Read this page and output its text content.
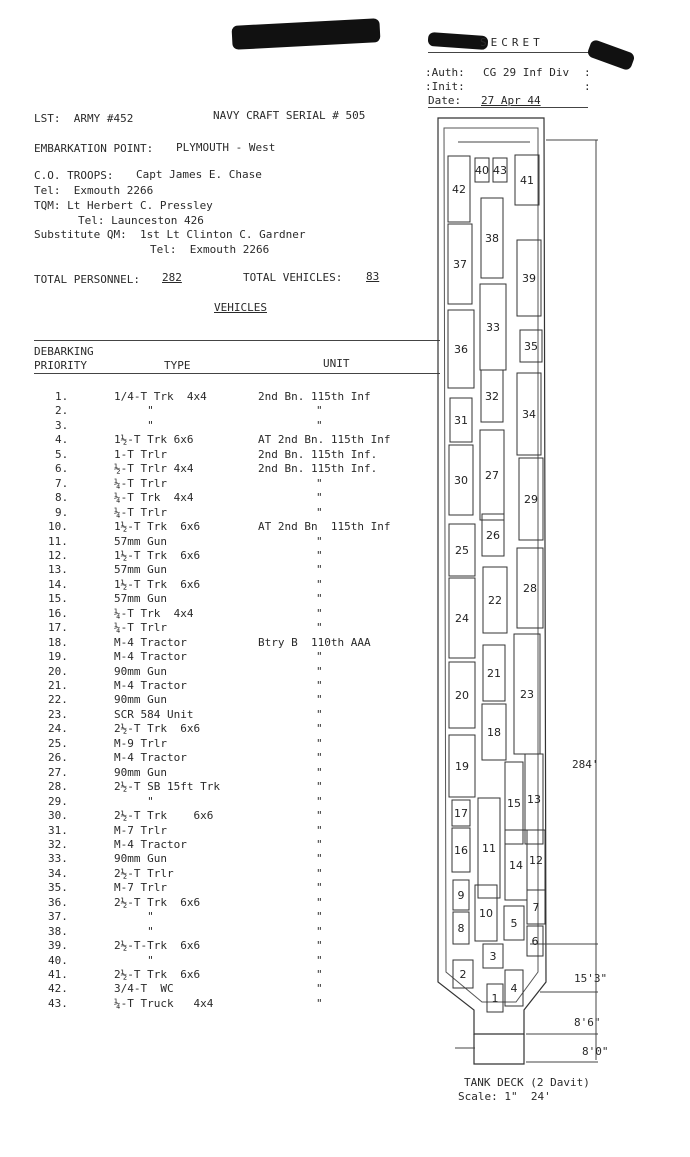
SECRET
:Auth: CG 29 Inf Div :
:Init:	:
Date: 27 Apr 44
LST:  ARMY #452	NAVY CRAFT SERIAL # 505
EMBARKATION POINT: PLYMOUTH - West
C.O. TROOPS: Capt James E. Chase
Tel:  Exmouth 2266
TQM: Lt Herbert C. Pressley
Tel: Launceston 426
Substitute QM:  1st Lt Clinton C. Gardner
Tel:  Exmouth 2266
TOTAL PERSONNEL: 282	TOTAL VEHICLES: 83
VEHICLES
DEBARKING
PRIORITY	TYPE	UNIT
1.	1/4-T Trk  4x4	2nd Bn. 115th Inf
2.	"	"
3.	"	"
4.	1½-T Trk 6x6	AT 2nd Bn. 115th Inf
5.	1-T Trlr	2nd Bn. 115th Inf.
6.	½-T Trlr 4x4	2nd Bn. 115th Inf.
7.	¼-T Trlr	"
8.	¼-T Trk  4x4	"
9.	¼-T Trlr	"
10.	1½-T Trk  6x6	AT 2nd Bn  115th Inf
11.	57mm Gun	"
12.	1½-T Trk  6x6	"
13.	57mm Gun	"
14.	1½-T Trk  6x6	"
15.	57mm Gun	"
16.	¼-T Trk  4x4	"
17.	¼-T Trlr	"
18.	M-4 Tractor	Btry B  110th AAA
19.	M-4 Tractor	"
20.	90mm Gun	"
21.	M-4 Tractor	"
22.	90mm Gun	"
23.	SCR 584 Unit	"
24.	2½-T Trk  6x6	"
25.	M-9 Trlr	"
26.	M-4 Tractor	"
27.	90mm Gun	"
28.	2½-T SB 15ft Trk	"
29.	"	"
30.	2½-T Trk    6x6	"
31.	M-7 Trlr	"
32.	M-4 Tractor	"
33.	90mm Gun	"
34.	2½-T Trlr	"
35.	M-7 Trlr	"
36.	2½-T Trk  6x6	"
37.	"	"
38.	"	"
39.	2½-T-Trk  6x6	"
40.	"	"
41.	2½-T Trk  6x6	"
42.	3/4-T  WC	"
43.	¼-T Truck   4x4	"
42
40 43
41
38
37
39
33
35
36
32
34
31
27
30
29
26
25
22
28
24
21
23
20
18
19
13
15
17
11
16
12
14
9
10	7
8	5
6
3
2
4
1
TANK DECK (2 Davit)
Scale: 1"  24'
284'
15'3"
8'6"
8'0"
